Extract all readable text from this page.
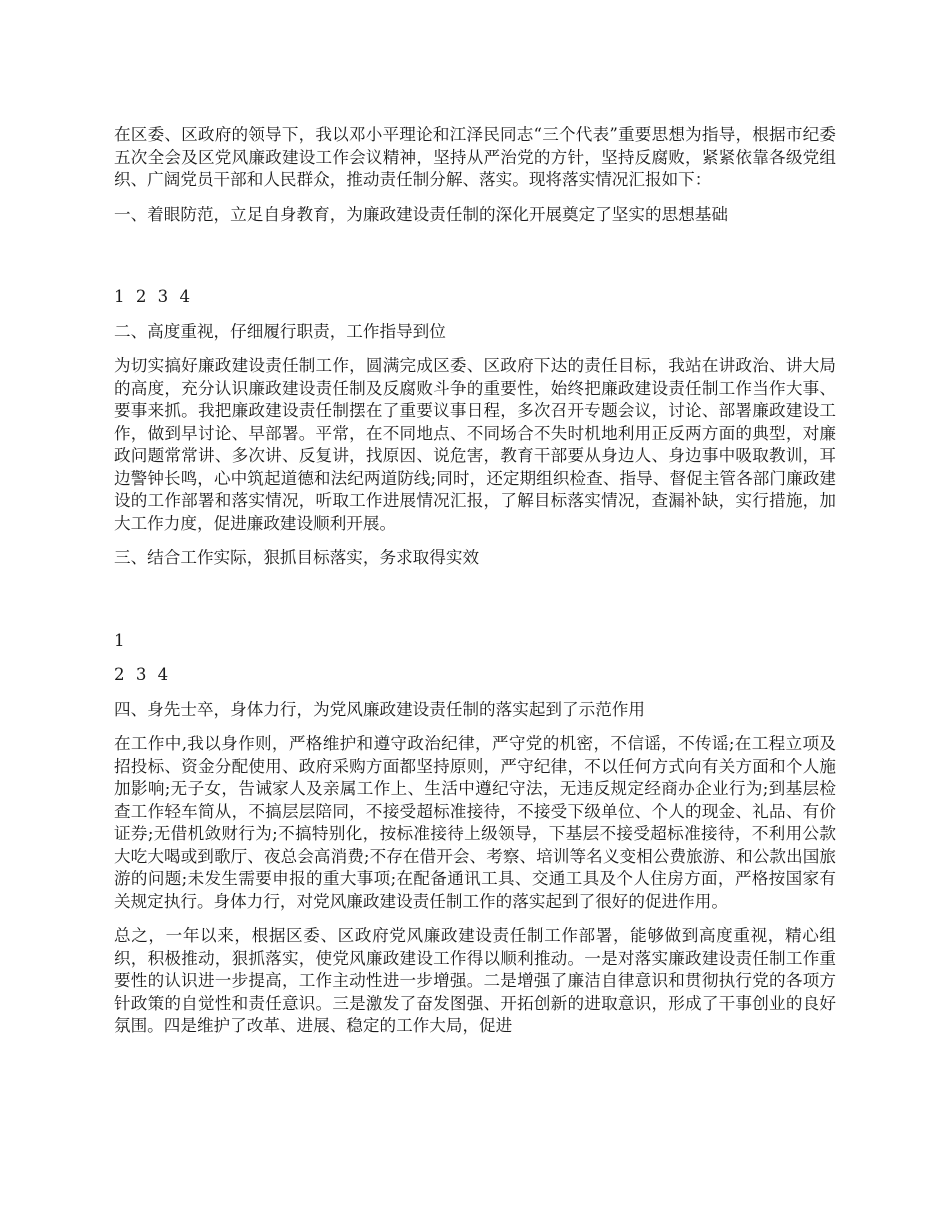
在区委、区政府的领导下，我以邓小平理论和江泽民同志“三个代表”重要思想为指导，根据市纪委五次全会及区党风廉政建设工作会议精神，坚持从严治党的方针，坚持反腐败，紧紧依靠各级党组织、广阔党员干部和人民群众，推动责任制分解、落实。现将落实情况汇报如下：

一、着眼防范，立足自身教育，为廉政建设责任制的深化开展奠定了坚实的思想基础

1 2 3 4

二、高度重视，仔细履行职责，工作指导到位

为切实搞好廉政建设责任制工作，圆满完成区委、区政府下达的责任目标，我站在讲政治、讲大局的高度，充分认识廉政建设责任制及反腐败斗争的重要性，始终把廉政建设责任制工作当作大事、要事来抓。我把廉政建设责任制摆在了重要议事日程，多次召开专题会议，讨论、部署廉政建设工作，做到早讨论、早部署。平常，在不同地点、不同场合不失时机地利用正反两方面的典型，对廉政问题常常讲、多次讲、反复讲，找原因、说危害，教育干部要从身边人、身边事中吸取教训，耳边警钟长鸣，心中筑起道德和法纪两道防线;同时，还定期组织检查、指导、督促主管各部门廉政建设的工作部署和落实情况，听取工作进展情况汇报，了解目标落实情况，查漏补缺，实行措施，加大工作力度，促进廉政建设顺利开展。

三、结合工作实际，狠抓目标落实，务求取得实效

1

2 3 4

四、身先士卒，身体力行，为党风廉政建设责任制的落实起到了示范作用

在工作中,我以身作则，严格维护和遵守政治纪律，严守党的机密，不信谣，不传谣;在工程立项及招投标、资金分配使用、政府采购方面都坚持原则，严守纪律，不以任何方式向有关方面和个人施加影响;无子女，告诫家人及亲属工作上、生活中遵纪守法，无违反规定经商办企业行为;到基层检查工作轻车简从，不搞层层陪同，不接受超标准接待，不接受下级单位、个人的现金、礼品、有价证券;无借机敛财行为;不搞特别化，按标准接待上级领导，下基层不接受超标准接待，不利用公款大吃大喝或到歌厅、夜总会高消费;不存在借开会、考察、培训等名义变相公费旅游、和公款出国旅游的问题;未发生需要申报的重大事项;在配备通讯工具、交通工具及个人住房方面，严格按国家有关规定执行。身体力行，对党风廉政建设责任制工作的落实起到了很好的促进作用。

总之，一年以来，根据区委、区政府党风廉政建设责任制工作部署，能够做到高度重视，精心组织，积极推动，狠抓落实，使党风廉政建设工作得以顺利推动。一是对落实廉政建设责任制工作重要性的认识进一步提高，工作主动性进一步增强。二是增强了廉洁自律意识和贯彻执行党的各项方针政策的自觉性和责任意识。三是激发了奋发图强、开拓创新的进取意识，形成了干事创业的良好氛围。四是维护了改革、进展、稳定的工作大局，促进
